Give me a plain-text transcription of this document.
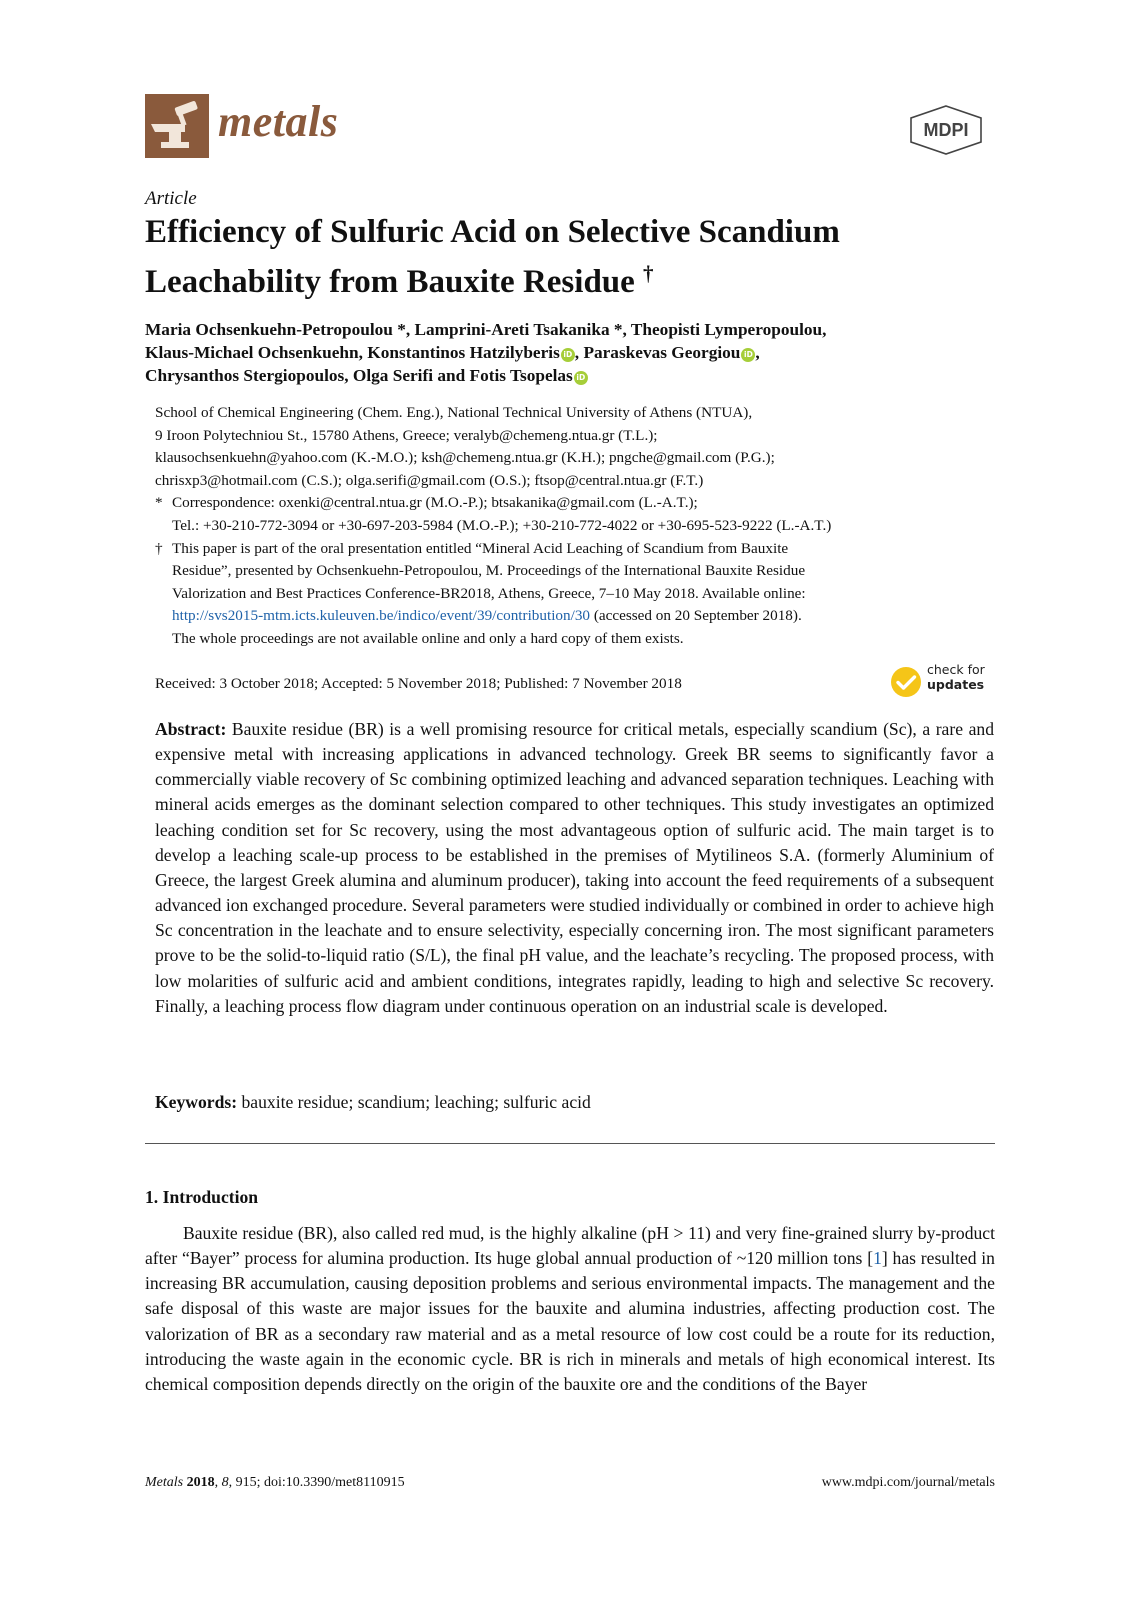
metals	MDPI
Article
Efficiency of Sulfuric Acid on Selective Scandium
Leachability from Bauxite Residue †
Maria Ochsenkuehn-Petropoulou *, Lamprini-Areti Tsakanika *, Theopisti Lymperopoulou,
Klaus-Michael Ochsenkuehn, Konstantinos Hatzilyberis iD , Paraskevas Georgiou iD ,
Chrysanthos Stergiopoulos, Olga Serifi and Fotis Tsopelas iD
School of Chemical Engineering (Chem. Eng.), National Technical University of Athens (NTUA),
9 Iroon Polytechniou St., 15780 Athens, Greece; veralyb@chemeng.ntua.gr (T.L.);
klausochsenkuehn@yahoo.com (K.-M.O.); ksh@chemeng.ntua.gr (K.H.); pngche@gmail.com (P.G.);
chrisxp3@hotmail.com (C.S.); olga.serifi@gmail.com (O.S.); ftsop@central.ntua.gr (F.T.)
* Correspondence: oxenki@central.ntua.gr (M.O.-P.); btsakanika@gmail.com (L.-A.T.);
Tel.: +30-210-772-3094 or +30-697-203-5984 (M.O.-P.); +30-210-772-4022 or +30-695-523-9222 (L.-A.T.)
† This paper is part of the oral presentation entitled “Mineral Acid Leaching of Scandium from Bauxite
Residue”, presented by Ochsenkuehn-Petropoulou, M. Proceedings of the International Bauxite Residue
Valorization and Best Practices Conference-BR2018, Athens, Greece, 7–10 May 2018. Available online:
http://svs2015-mtm.icts.kuleuven.be/indico/event/39/contribution/30 (accessed on 20 September 2018).
The whole proceedings are not available online and only a hard copy of them exists.
Received: 3 October 2018; Accepted: 5 November 2018; Published: 7 November 2018
check for
updates

Abstract: Bauxite residue (BR) is a well promising resource for critical metals, especially scandium (Sc), a rare and expensive metal with increasing applications in advanced technology. Greek BR seems to significantly favor a commercially viable recovery of Sc combining optimized leaching and advanced separation techniques. Leaching with mineral acids emerges as the dominant selection compared to other techniques. This study investigates an optimized leaching condition set for Sc recovery, using the most advantageous option of sulfuric acid. The main target is to develop a leaching scale-up process to be established in the premises of Mytilineos S.A. (formerly Aluminium of Greece, the largest Greek alumina and aluminum producer), taking into account the feed requirements of a subsequent advanced ion exchanged procedure. Several parameters were studied individually or combined in order to achieve high Sc concentration in the leachate and to ensure selectivity, especially concerning iron. The most significant parameters prove to be the solid-to-liquid ratio (S/L), the final pH value, and the leachate’s recycling. The proposed process, with low molarities of sulfuric acid and ambient conditions, integrates rapidly, leading to high and selective Sc recovery. Finally, a leaching process flow diagram under continuous operation on an industrial scale is developed.

Keywords: bauxite residue; scandium; leaching; sulfuric acid
1. Introduction

Bauxite residue (BR), also called red mud, is the highly alkaline (pH > 11) and very fine-grained slurry by-product after “Bayer” process for alumina production. Its huge global annual production of ~120 million tons [1] has resulted in increasing BR accumulation, causing deposition problems and serious environmental impacts. The management and the safe disposal of this waste are major issues for the bauxite and alumina industries, affecting production cost. The valorization of BR as a secondary raw material and as a metal resource of low cost could be a route for its reduction, introducing the waste again in the economic cycle. BR is rich in minerals and metals of high economical interest. Its chemical composition depends directly on the origin of the bauxite ore and the conditions of the Bayer

Metals 2018, 8, 915; doi:10.3390/met8110915	www.mdpi.com/journal/metals
